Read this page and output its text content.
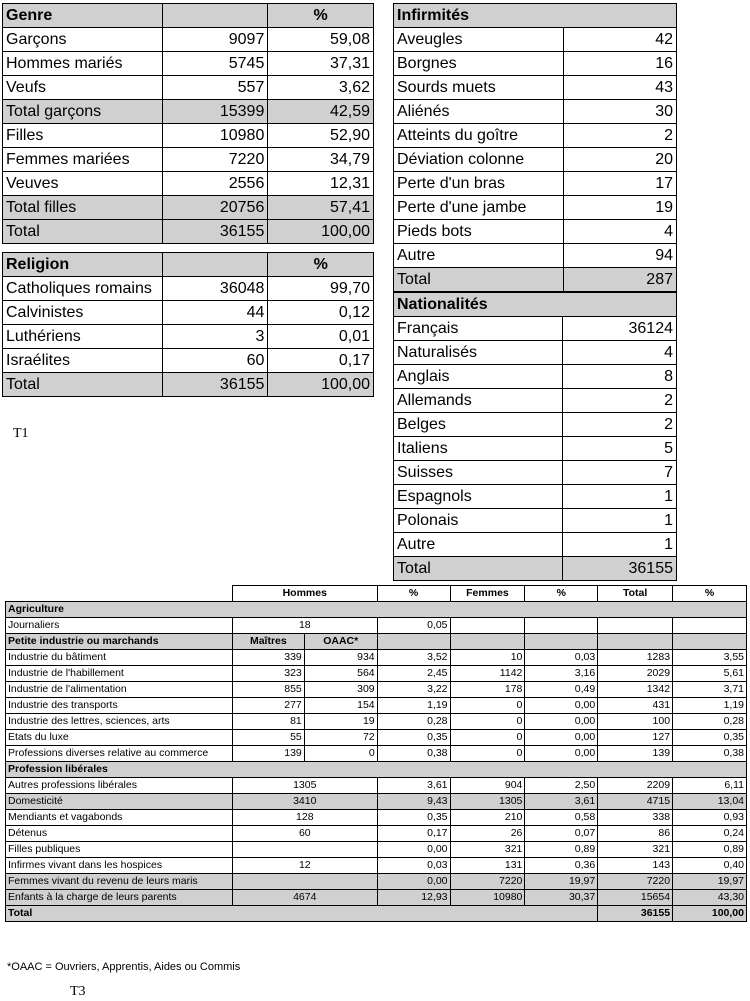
Genre		%
Garçons	9097	59,08
Hommes mariés	5745	37,31
Veufs	557	3,62
Total garçons	15399	42,59
Filles	10980	52,90
Femmes mariées	7220	34,79
Veuves	2556	12,31
Total filles	20756	57,41
Total	36155	100,00
Religion		%
Catholiques romains	36048	99,70
Calvinistes	44	0,12
Luthériens	3	0,01
Israélites	60	0,17
Total	36155	100,00
Infirmités	
Aveugles	42
Borgnes	16
Sourds muets	43
Aliénés	30
Atteints du goître	2
Déviation colonne	20
Perte d'un bras	17
Perte d'une jambe	19
Pieds bots	4
Autre	94
Total	287
Nationalités	
Français	36124
Naturalisés	4
Anglais	8
Allemands	2
Belges	2
Italiens	5
Suisses	7
Espagnols	1
Polonais	1
Autre	1
Total	36155
T1
	Hommes		%	Femmes	%	Total	%
Agriculture							
Journaliers	18		0,05				
Petite industrie ou marchands	Maîtres	OAAC*					
Industrie du bâtiment	339	934	3,52	10	0,03	1283	3,55
Industrie de l'habillement	323	564	2,45	1142	3,16	2029	5,61
Industrie de l'alimentation	855	309	3,22	178	0,49	1342	3,71
Industrie des transports	277	154	1,19	0	0,00	431	1,19
Industrie des lettres, sciences, arts	81	19	0,28	0	0,00	100	0,28
Etats du luxe	55	72	0,35	0	0,00	127	0,35
Professions diverses relative au commerce	139	0	0,38	0	0,00	139	0,38
Profession libérales							
Autres professions libérales	1305		3,61	904	2,50	2209	6,11
Domesticité	3410		9,43	1305	3,61	4715	13,04
Mendiants et vagabonds	128		0,35	210	0,58	338	0,93
Détenus	60		0,17	26	0,07	86	0,24
Filles publiques			0,00	321	0,89	321	0,89
Infirmes vivant dans les hospices	12		0,03	131	0,36	143	0,40
Femmes vivant du revenu de leurs maris			0,00	7220	19,97	7220	19,97
Enfants à la charge de leurs parents	4674		12,93	10980	30,37	15654	43,30
Total						36155	100,00
*OAAC = Ouvriers, Apprentis, Aides ou Commis
T3
